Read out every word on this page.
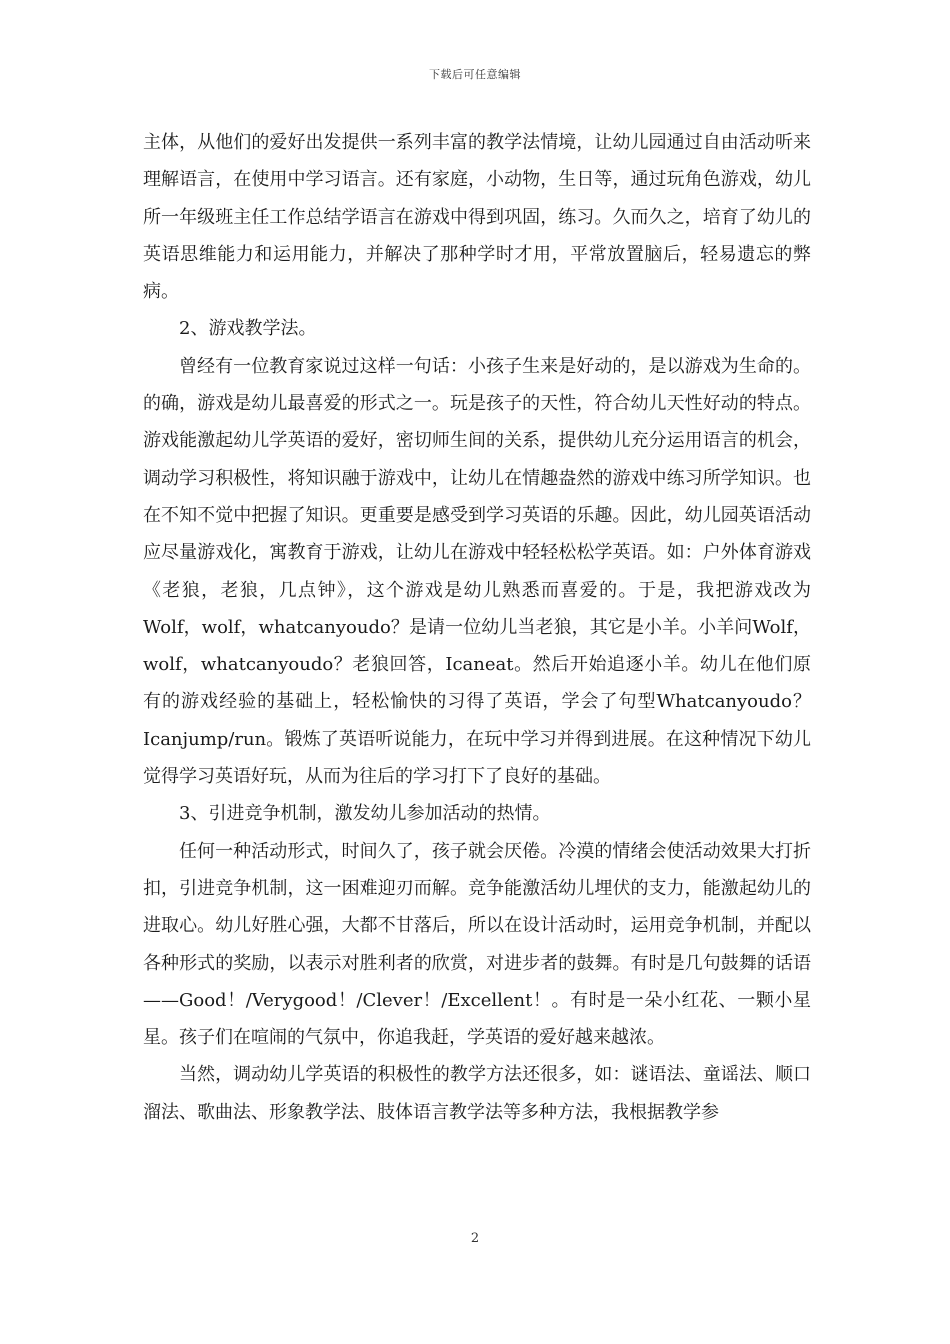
下载后可任意编辑

主体，从他们的爱好出发提供一系列丰富的教学法情境，让幼儿园通过自由活动听来理解语言，在使用中学习语言。还有家庭，小动物，生日等，通过玩角色游戏，幼儿所一年级班主任工作总结学语言在游戏中得到巩固，练习。久而久之，培育了幼儿的英语思维能力和运用能力，并解决了那种学时才用，平常放置脑后，轻易遗忘的弊病。

2、游戏教学法。

曾经有一位教育家说过这样一句话：小孩子生来是好动的，是以游戏为生命的。的确，游戏是幼儿最喜爱的形式之一。玩是孩子的天性，符合幼儿天性好动的特点。游戏能激起幼儿学英语的爱好，密切师生间的关系，提供幼儿充分运用语言的机会，调动学习积极性，将知识融于游戏中，让幼儿在情趣盎然的游戏中练习所学知识。也在不知不觉中把握了知识。更重要是感受到学习英语的乐趣。因此，幼儿园英语活动应尽量游戏化，寓教育于游戏，让幼儿在游戏中轻轻松松学英语。如：户外体育游戏《老狼，老狼，几点钟》，这个游戏是幼儿熟悉而喜爱的。于是，我把游戏改为Wolf，wolf，whatcanyoudo？是请一位幼儿当老狼，其它是小羊。小羊问Wolf，wolf，whatcanyoudo？老狼回答，Icaneat。然后开始追逐小羊。幼儿在他们原有的游戏经验的基础上，轻松愉快的习得了英语，学会了句型Whatcanyoudo？Icanjump/run。锻炼了英语听说能力，在玩中学习并得到进展。在这种情况下幼儿觉得学习英语好玩，从而为往后的学习打下了良好的基础。

3、引进竞争机制，激发幼儿参加活动的热情。

任何一种活动形式，时间久了，孩子就会厌倦。冷漠的情绪会使活动效果大打折扣，引进竞争机制，这一困难迎刃而解。竞争能激活幼儿埋伏的支力，能激起幼儿的进取心。幼儿好胜心强，大都不甘落后，所以在设计活动时，运用竞争机制，并配以各种形式的奖励，以表示对胜利者的欣赏，对进步者的鼓舞。有时是几句鼓舞的话语——Good！/Verygood！/Clever！/Excellent！。有时是一朵小红花、一颗小星星。孩子们在喧闹的气氛中，你追我赶，学英语的爱好越来越浓。

当然，调动幼儿学英语的积极性的教学方法还很多，如：谜语法、童谣法、顺口溜法、歌曲法、形象教学法、肢体语言教学法等多种方法，我根据教学参

2
